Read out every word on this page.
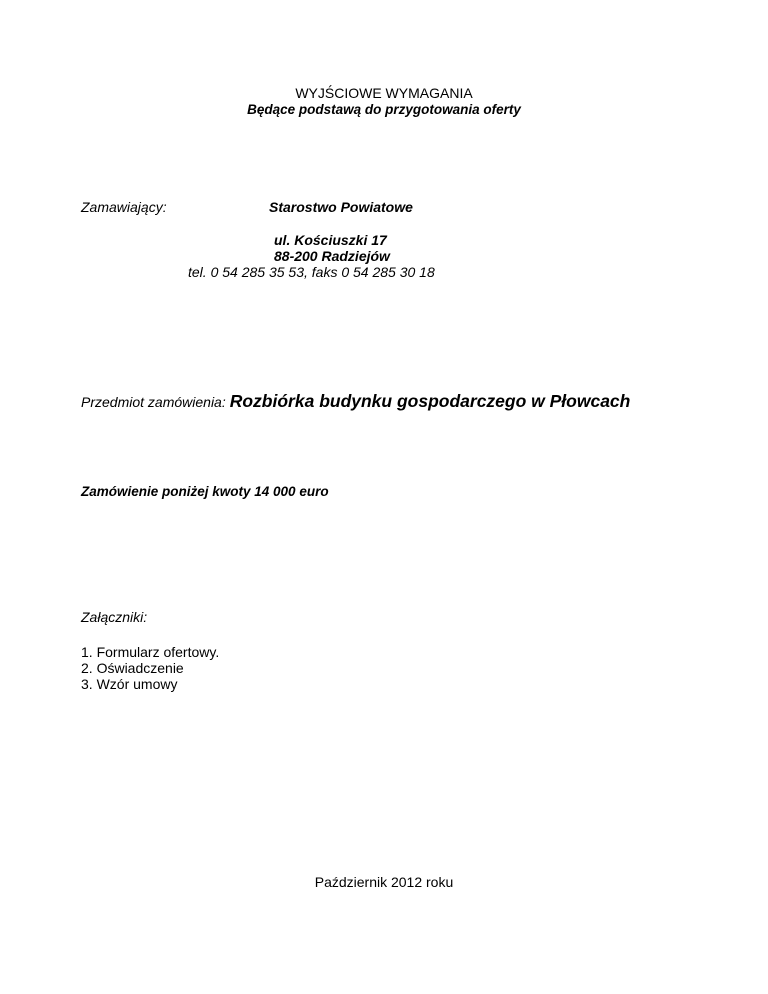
WYJŚCIOWE WYMAGANIA
Będące podstawą do przygotowania oferty
Zamawiający:	Starostwo Powiatowe
ul. Kościuszki 17
88-200 Radziejów
tel. 0 54 285 35 53, faks 0 54 285 30 18
Przedmiot zamówienia: Rozbiórka budynku gospodarczego w Płowcach
Zamówienie poniżej kwoty 14 000 euro
Załączniki:
1. Formularz ofertowy.
2. Oświadczenie
3. Wzór umowy
Październik 2012 roku
